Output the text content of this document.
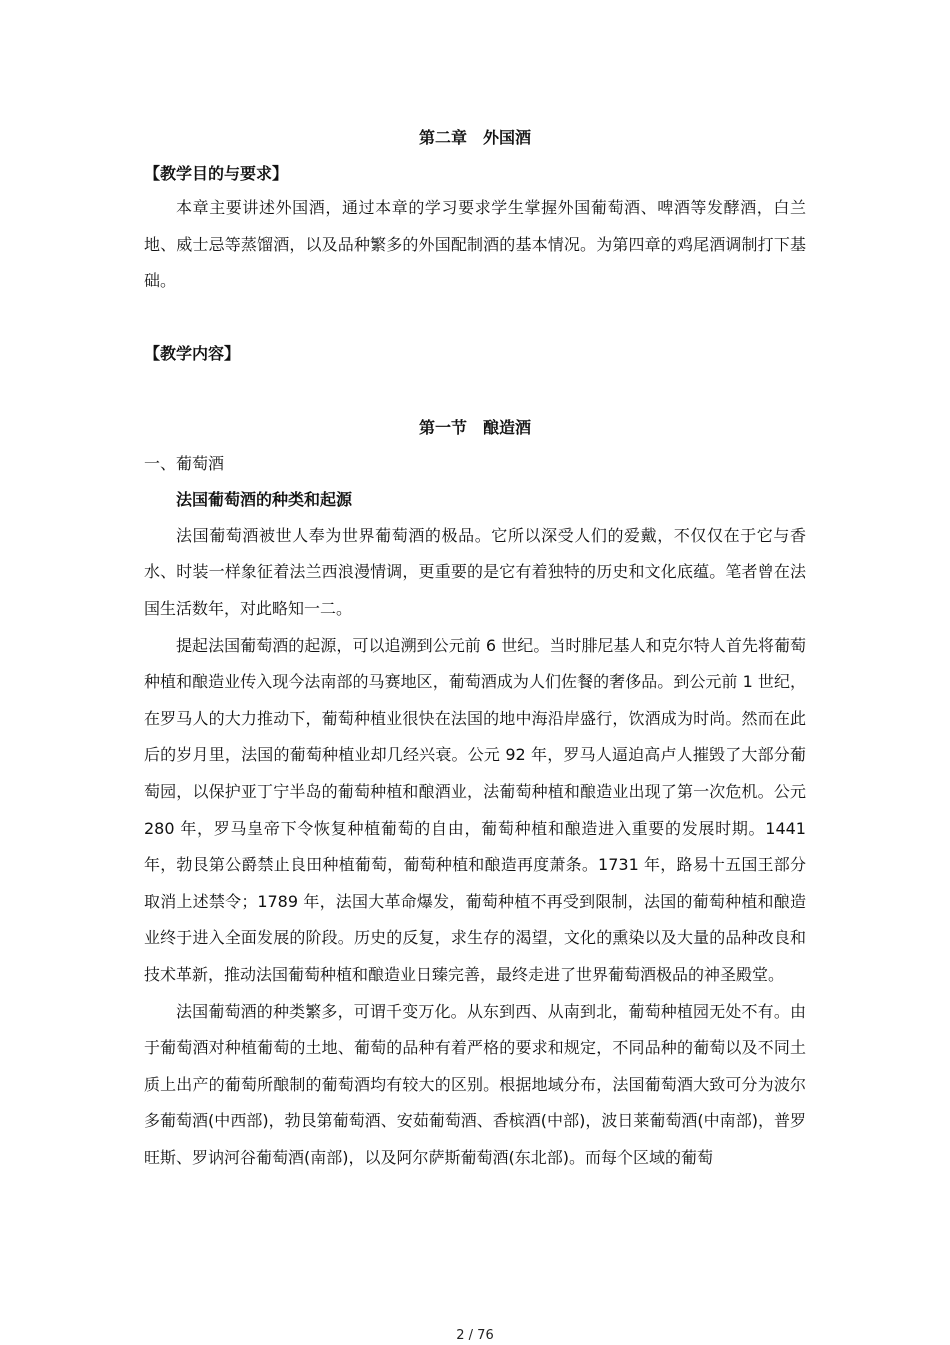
第二章　外国酒
【教学目的与要求】

本章主要讲述外国酒，通过本章的学习要求学生掌握外国葡萄酒、啤酒等发酵酒，白兰地、威士忌等蒸馏酒，以及品种繁多的外国配制酒的基本情况。为第四章的鸡尾酒调制打下基础。

【教学内容】
第一节　酿造酒
一、葡萄酒
法国葡萄酒的种类和起源

法国葡萄酒被世人奉为世界葡萄酒的极品。它所以深受人们的爱戴，不仅仅在于它与香水、时装一样象征着法兰西浪漫情调，更重要的是它有着独特的历史和文化底蕴。笔者曾在法国生活数年，对此略知一二。

提起法国葡萄酒的起源，可以追溯到公元前 6 世纪。当时腓尼基人和克尔特人首先将葡萄种植和酿造业传入现今法南部的马赛地区，葡萄酒成为人们佐餐的奢侈品。到公元前 1 世纪，在罗马人的大力推动下，葡萄种植业很快在法国的地中海沿岸盛行，饮酒成为时尚。然而在此后的岁月里，法国的葡萄种植业却几经兴衰。公元 92 年，罗马人逼迫高卢人摧毁了大部分葡萄园，以保护亚丁宁半岛的葡萄种植和酿酒业，法葡萄种植和酿造业出现了第一次危机。公元 280 年，罗马皇帝下令恢复种植葡萄的自由，葡萄种植和酿造进入重要的发展时期。1441 年，勃艮第公爵禁止良田种植葡萄，葡萄种植和酿造再度萧条。1731 年，路易十五国王部分取消上述禁令；1789 年，法国大革命爆发，葡萄种植不再受到限制，法国的葡萄种植和酿造业终于进入全面发展的阶段。历史的反复，求生存的渴望，文化的熏染以及大量的品种改良和技术革新，推动法国葡萄种植和酿造业日臻完善，最终走进了世界葡萄酒极品的神圣殿堂。

法国葡萄酒的种类繁多，可谓千变万化。从东到西、从南到北，葡萄种植园无处不有。由于葡萄酒对种植葡萄的土地、葡萄的品种有着严格的要求和规定，不同品种的葡萄以及不同土质上出产的葡萄所酿制的葡萄酒均有较大的区别。根据地域分布，法国葡萄酒大致可分为波尔多葡萄酒(中西部)，勃艮第葡萄酒、安茹葡萄酒、香槟酒(中部)，波日莱葡萄酒(中南部)，普罗旺斯、罗讷河谷葡萄酒(南部)，以及阿尔萨斯葡萄酒(东北部)。而每个区域的葡萄

2 / 76
